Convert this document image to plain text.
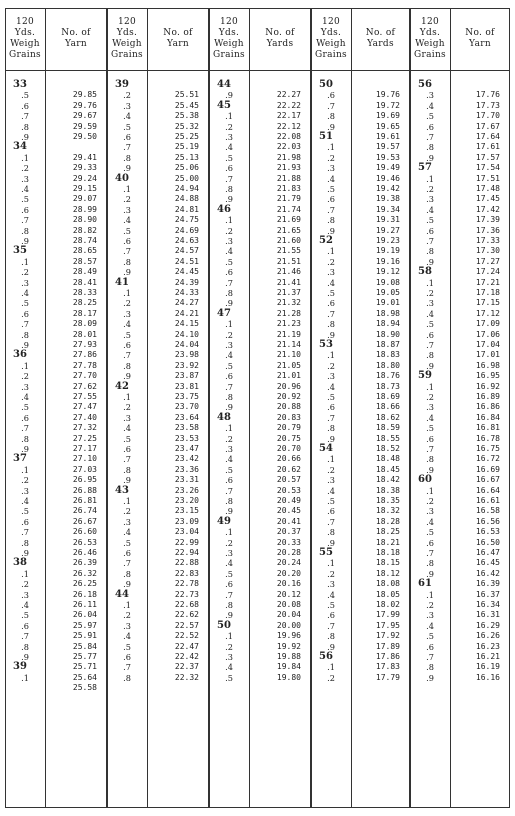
120
Yds.
Weigh
Grains
No. of
Yarn
33
.5	29.85
.6	29.76
.7	29.67
.8	29.59
.9	29.50
34
.1	29.41
.2	29.33
.3	29.24
.4	29.15
.5	29.07
.6	28.99
.7	28.90
.8	28.82
.9	28.74
35	28.65
.1	28.57
.2	28.49
.3	28.41
.4	28.33
.5	28.25
.6	28.17
.7	28.09
.8	28.01
.9	27.93
36	27.86
.1	27.78
.2	27.70
.3	27.62
.4	27.55
.5	27.47
.6	27.40
.7	27.32
.8	27.25
.9	27.17
37	27.10
.1	27.03
.2	26.95
.3	26.88
.4	26.81
.5	26.74
.6	26.67
.7	26.60
.8	26.53
.9	26.46
38	26.39
.1	26.32
.2	26.25
.3	26.18
.4	26.11
.5	26.04
.6	25.97
.7	25.91
.8	25.84
.9	25.77
39	25.71
.1	25.64
25.58
120
Yds.
Weigh
Grains
No. of
Yarn
39
.2	25.51
.3	25.45
.4	25.38
.5	25.32
.6	25.25
.7	25.19
.8	25.13
.9	25.06
40	25.00
.1	24.94
.2	24.88
.3	24.81
.4	24.75
.5	24.69
.6	24.63
.7	24.57
.8	24.51
.9	24.45
41	24.39
.1	24.33
.2	24.27
.3	24.21
.4	24.15
.5	24.10
.6	24.04
.7	23.98
.8	23.92
.9	23.87
42	23.81
.1	23.75
.2	23.70
.3	23.64
.4	23.58
.5	23.53
.6	23.47
.7	23.42
.8	23.36
.9	23.31
43	23.26
.1	23.20
.2	23.15
.3	23.09
.4	23.04
.5	22.99
.6	22.94
.7	22.88
.8	22.83
.9	22.78
44	22.73
.1	22.68
.2	22.62
.3	22.57
.4	22.52
.5	22.47
.6	22.42
.7	22.37
.8	22.32
120
Yds.
Weigh
Grains
No. of
Yards
44
.9	22.27
45	22.22
.1	22.17
.2	22.12
.3	22.08
.4	22.03
.5	21.98
.6	21.93
.7	21.88
.8	21.83
.9	21.79
46	21.74
.1	21.69
.2	21.65
.3	21.60
.4	21.55
.5	21.51
.6	21.46
.7	21.41
.8	21.37
.9	21.32
47	21.28
.1	21.23
.2	21.19
.3	21.14
.4	21.10
.5	21.05
.6	21.01
.7	20.96
.8	20.92
.9	20.88
48	20.83
.1	20.79
.2	20.75
.3	20.70
.4	20.66
.5	20.62
.6	20.57
.7	20.53
.8	20.49
.9	20.45
49	20.41
.1	20.37
.2	20.33
.3	20.28
.4	20.24
.5	20.20
.6	20.16
.7	20.12
.8	20.08
.9	20.04
50	20.00
.1	19.96
.2	19.92
.3	19.88
.4	19.84
.5	19.80
120
Yds.
Weigh
Grains
No. of
Yards
50
.6	19.76
.7	19.72
.8	19.69
.9	19.65
51	19.61
.1	19.57
.2	19.53
.3	19.49
.4	19.46
.5	19.42
.6	19.38
.7	19.34
.8	19.31
.9	19.27
52	19.23
.1	19.19
.2	19.16
.3	19.12
.4	19.08
.5	19.05
.6	19.01
.7	18.98
.8	18.94
.9	18.90
53	18.87
.1	18.83
.2	18.80
.3	18.76
.4	18.73
.5	18.69
.6	18.66
.7	18.62
.8	18.59
.9	18.55
54	18.52
.1	18.48
.2	18.45
.3	18.42
.4	18.38
.5	18.35
.6	18.32
.7	18.28
.8	18.25
.9	18.21
55	18.18
.1	18.15
.2	18.12
.3	18.08
.4	18.05
.5	18.02
.6	17.99
.7	17.95
.8	17.92
.9	17.89
56	17.86
.1	17.83
.2	17.79
120
Yds.
Weigh
Grains
No. of
Yarn
56
.3	17.76
.4	17.73
.5	17.70
.6	17.67
.7	17.64
.8	17.61
.9	17.57
57	17.54
.1	17.51
.2	17.48
.3	17.45
.4	17.42
.5	17.39
.6	17.36
.7	17.33
.8	17.30
.9	17.27
58	17.24
.1	17.21
.2	17.18
.3	17.15
.4	17.12
.5	17.09
.6	17.06
.7	17.04
.8	17.01
.9	16.98
59	16.95
.1	16.92
.2	16.89
.3	16.86
.4	16.84
.5	16.81
.6	16.78
.7	16.75
.8	16.72
.9	16.69
60	16.67
.1	16.64
.2	16.61
.3	16.58
.4	16.56
.5	16.53
.6	16.50
.7	16.47
.8	16.45
.9	16.42
61	16.39
.1	16.37
.2	16.34
.3	16.31
.4	16.29
.5	16.26
.6	16.23
.7	16.21
.8	16.19
.9	16.16
